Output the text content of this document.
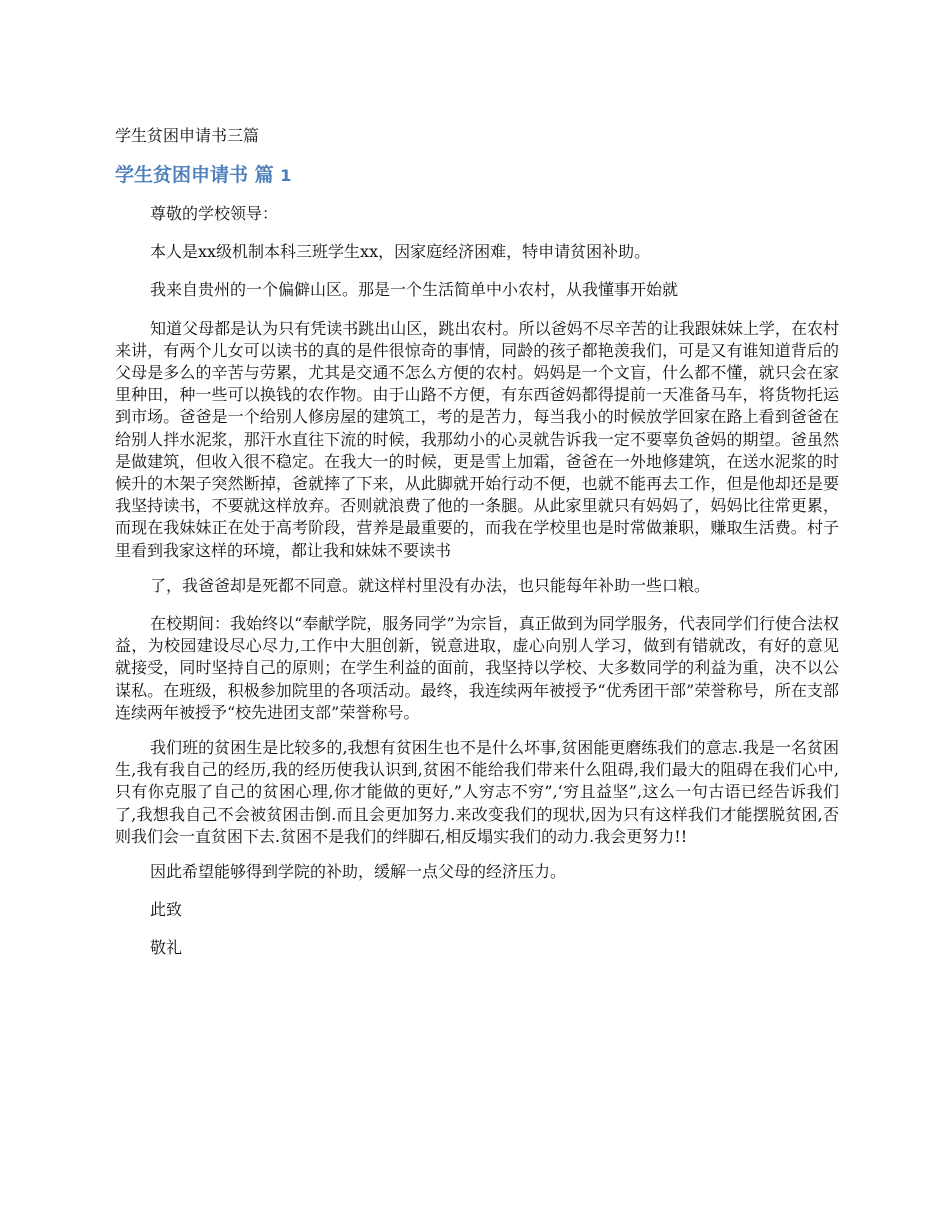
学生贫困申请书三篇
学生贫困申请书 篇 1

尊敬的学校领导：

本人是xx级机制本科三班学生xx，因家庭经济困难，特申请贫困补助。

我来自贵州的一个偏僻山区。那是一个生活简单中小农村，从我懂事开始就

知道父母都是认为只有凭读书跳出山区，跳出农村。所以爸妈不尽辛苦的让我跟妹妹上学，在农村来讲，有两个儿女可以读书的真的是件很惊奇的事情，同龄的孩子都艳羡我们，可是又有谁知道背后的父母是多么的辛苦与劳累，尤其是交通不怎么方便的农村。妈妈是一个文盲，什么都不懂，就只会在家里种田，种一些可以换钱的农作物。由于山路不方便，有东西爸妈都得提前一天准备马车，将货物托运到市场。爸爸是一个给别人修房屋的建筑工，考的是苦力，每当我小的时候放学回家在路上看到爸爸在给别人拌水泥浆，那汗水直往下流的时候，我那幼小的心灵就告诉我一定不要辜负爸妈的期望。爸虽然是做建筑，但收入很不稳定。在我大一的时候，更是雪上加霜，爸爸在一外地修建筑，在送水泥浆的时候升的木架子突然断掉，爸就摔了下来，从此脚就开始行动不便，也就不能再去工作，但是他却还是要我坚持读书，不要就这样放弃。否则就浪费了他的一条腿。从此家里就只有妈妈了，妈妈比往常更累，而现在我妹妹正在处于高考阶段，营养是最重要的，而我在学校里也是时常做兼职，赚取生活费。村子里看到我家这样的环境，都让我和妹妹不要读书

了，我爸爸却是死都不同意。就这样村里没有办法，也只能每年补助一些口粮。

在校期间：我始终以“奉献学院，服务同学”为宗旨，真正做到为同学服务，代表同学们行使合法权益，为校园建设尽心尽力,工作中大胆创新，锐意进取，虚心向别人学习，做到有错就改，有好的意见就接受，同时坚持自己的原则；在学生利益的面前，我坚持以学校、大多数同学的利益为重，决不以公谋私。在班级，积极参加院里的各项活动。最终，我连续两年被授予“优秀团干部”荣誉称号，所在支部连续两年被授予“校先进团支部”荣誉称号。

我们班的贫困生是比较多的,我想有贫困生也不是什么坏事,贫困能更磨练我们的意志.我是一名贫困生,我有我自己的经历,我的经历使我认识到,贫困不能给我们带来什么阻碍,我们最大的阻碍在我们心中,只有你克服了自己的贫困心理,你才能做的更好,”人穷志不穷”,‘穷且益坚”,这么一句古语已经告诉我们了,我想我自己不会被贫困击倒.而且会更加努力.来改变我们的现状,因为只有这样我们才能摆脱贫困,否则我们会一直贫困下去.贫困不是我们的绊脚石,相反塌实我们的动力.我会更努力!!

因此希望能够得到学院的补助，缓解一点父母的经济压力。

此致

敬礼
